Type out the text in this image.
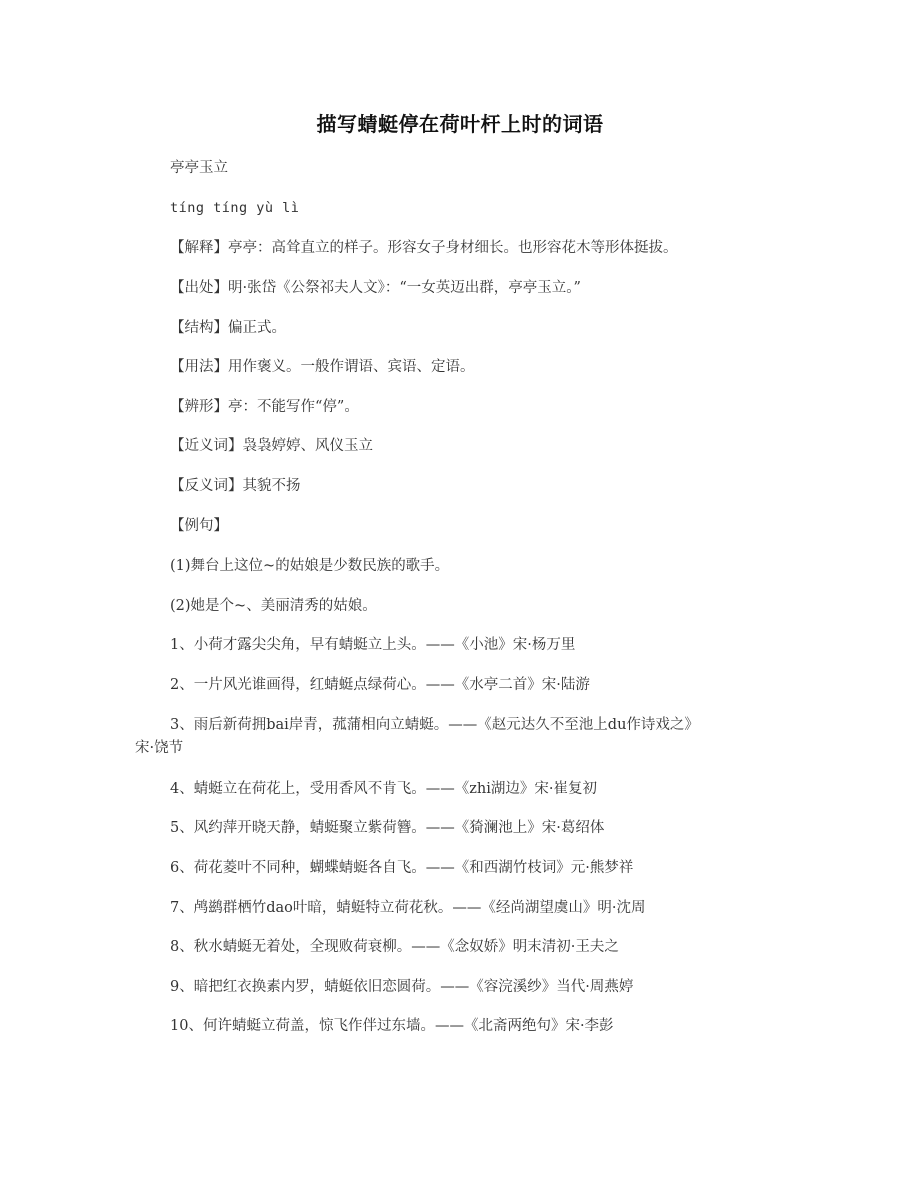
描写蜻蜓停在荷叶杆上时的词语
亭亭玉立
tíng tíng yù lì
【解释】亭亭：高耸直立的样子。形容女子身材细长。也形容花木等形体挺拔。
【出处】明·张岱《公祭祁夫人文》：“一女英迈出群，亭亭玉立。”
【结构】偏正式。
【用法】用作褒义。一般作谓语、宾语、定语。
【辨形】亭：不能写作“停”。
【近义词】袅袅婷婷、风仪玉立
【反义词】其貌不扬
【例句】
(1)舞台上这位~的姑娘是少数民族的歌手。
(2)她是个~、美丽清秀的姑娘。
1、小荷才露尖尖角，早有蜻蜓立上头。——《小池》宋·杨万里
2、一片风光谁画得，红蜻蜓点绿荷心。——《水亭二首》宋·陆游
3、雨后新荷拥bai岸青，菰蒲相向立蜻蜓。——《赵元达久不至池上du作诗戏之》
宋·饶节
4、蜻蜓立在荷花上，受用香风不肯飞。——《zhi湖边》宋·崔复初
5、风约萍开晓天静，蜻蜓聚立紫荷簪。——《猗澜池上》宋·葛绍体
6、荷花菱叶不同种，蝴蝶蜻蜓各自飞。——《和西湖竹枝词》元·熊梦祥
7、鸬鹚群栖竹dao叶暗，蜻蜓特立荷花秋。——《经尚湖望虞山》明·沈周
8、秋水蜻蜓无着处，全现败荷衰柳。——《念奴娇》明末清初·王夫之
9、暗把红衣换素内罗，蜻蜓依旧恋圆荷。——《容浣溪纱》当代·周燕婷
10、何许蜻蜓立荷盖，惊飞作伴过东墙。——《北斋两绝句》宋·李彭
